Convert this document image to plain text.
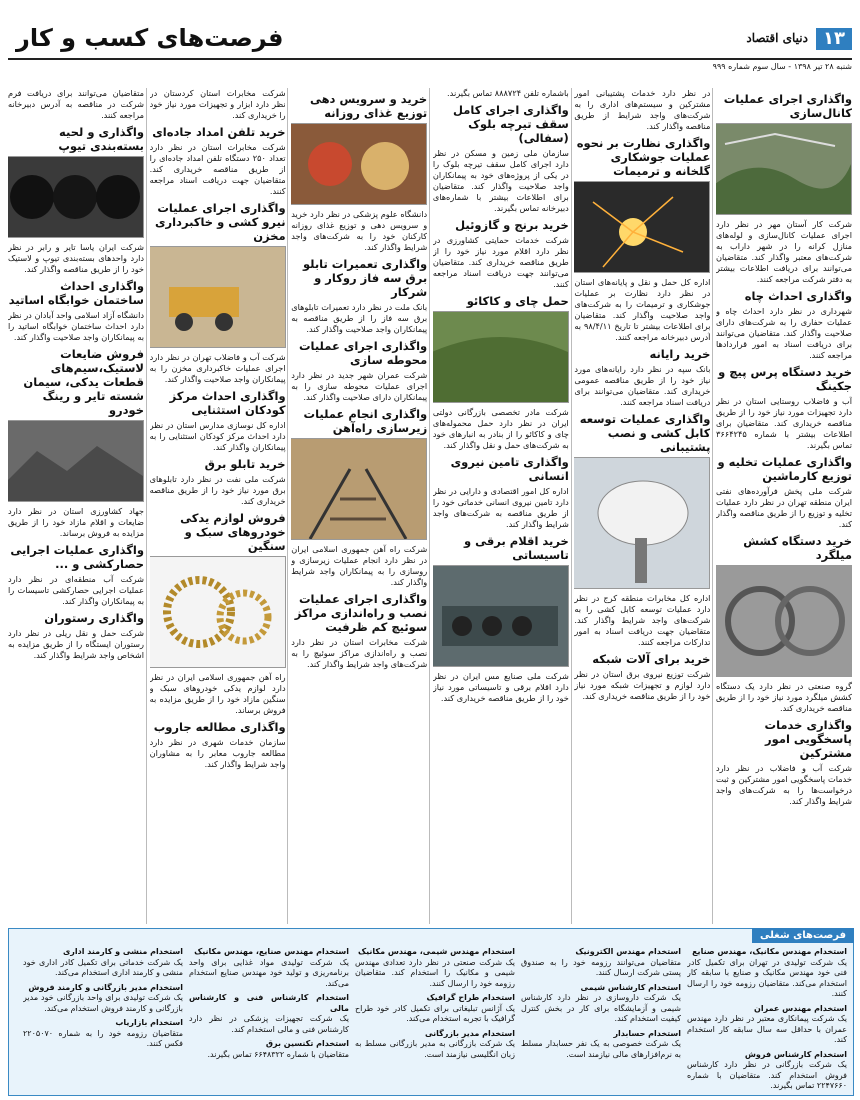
۱۳
دنیای اقتصاد
فرصت‌های کسب و کار
شنبه ۲۸ تیر ۱۳۹۸ - سال سوم شماره ۹۹۹
واگذاری اجرای عملیات کانال‌سازی
شرکت کار آستان مهر در نظر دارد اجرای عملیات کانال‌سازی و لوله‌های منازل کرانه را در شهر داراب به شرکت‌های معتبر واگذار کند. متقاضیان می‌توانند برای دریافت اطلاعات بیشتر به دفتر شرکت مراجعه کنند.
واگذاری احداث چاه
شهرداری در نظر دارد احداث چاه و عملیات حفاری را به شرکت‌های دارای صلاحیت واگذار کند. متقاضیان می‌توانند برای دریافت اسناد به امور قراردادها مراجعه کنند.
خرید دستگاه پرس پیچ و جکینگ
آب و فاضلاب روستایی استان در نظر دارد تجهیزات مورد نیاز خود را از طریق مناقصه خریداری کند. متقاضیان برای اطلاعات بیشتر با شماره ۳۶۶۴۲۴۵ تماس بگیرند.
واگذاری عملیات تخلیه و توزیع کارماشین
شرکت ملی پخش فرآورده‌های نفتی ایران منطقه تهران در نظر دارد عملیات تخلیه و توزیع را از طریق مناقصه واگذار کند.
خرید دستگاه کشش میلگرد
گروه صنعتی در نظر دارد یک دستگاه کشش میلگرد مورد نیاز خود را از طریق مناقصه خریداری کند.
واگذاری خدمات پاسخگویی امور مشترکین
شرکت آب و فاضلاب در نظر دارد خدمات پاسخگویی امور مشترکین و ثبت درخواست‌ها را به شرکت‌های واجد شرایط واگذار کند.
در نظر دارد خدمات پشتیبانی امور مشترکین و سیستم‌های اداری را به شرکت‌های واجد شرایط از طریق مناقصه واگذار کند.
واگذاری نظارت بر نحوه عملیات جوشکاری گلخانه و ترمیمات
اداره کل حمل و نقل و پایانه‌های استان در نظر دارد نظارت بر عملیات جوشکاری و ترمیمات را به شرکت‌های واجد صلاحیت واگذار کند. متقاضیان برای اطلاعات بیشتر تا تاریخ ۹۸/۴/۱۱ به آدرس دبیرخانه مراجعه کنند.
خرید رایانه
بانک سپه در نظر دارد رایانه‌های مورد نیاز خود را از طریق مناقصه عمومی خریداری کند. متقاضیان می‌توانند برای دریافت اسناد مراجعه کنند.
واگذاری عملیات توسعه کابل کشی و نصب پشتیبانی
اداره کل مخابرات منطقه کرج در نظر دارد عملیات توسعه کابل کشی را به شرکت‌های واجد شرایط واگذار کند. متقاضیان جهت دریافت اسناد به امور تدارکات مراجعه کنند.
خرید برای آلات شبکه
شرکت توزیع نیروی برق استان در نظر دارد لوازم و تجهیزات شبکه مورد نیاز خود را از طریق مناقصه خریداری کند.
باشماره تلفن ۸۸۸۷۲۴ تماس بگیرند.
واگذاری اجرای کامل سقف تیرچه بلوک (سفالی)
سازمان ملی زمین و مسکن در نظر دارد اجرای کامل سقف تیرچه بلوک را در یکی از پروژه‌های خود به پیمانکاران واجد صلاحیت واگذار کند. متقاضیان برای اطلاعات بیشتر با شماره‌های دبیرخانه تماس بگیرند.
خرید برنج و گازوئیل
شرکت خدمات حمایتی کشاورزی در نظر دارد اقلام مورد نیاز خود را از طریق مناقصه خریداری کند. متقاضیان می‌توانند جهت دریافت اسناد مراجعه کنند.
حمل چای و کاکائو
شرکت مادر تخصصی بازرگانی دولتی ایران در نظر دارد حمل محموله‌های چای و کاکائو را از بنادر به انبارهای خود به شرکت‌های حمل و نقل واگذار کند.
واگذاری تامین نیروی انسانی
اداره کل امور اقتصادی و دارایی در نظر دارد تامین نیروی انسانی خدماتی خود را از طریق مناقصه به شرکت‌های واجد شرایط واگذار کند.
خرید اقلام برقی و تاسیساتی
شرکت ملی صنایع مس ایران در نظر دارد اقلام برقی و تاسیساتی مورد نیاز خود را از طریق مناقصه خریداری کند.
خرید و سرویس دهی توزیع غذای روزانه
دانشگاه علوم پزشکی در نظر دارد خرید و سرویس دهی و توزیع غذای روزانه کارکنان خود را به شرکت‌های واجد شرایط واگذار کند.
واگذاری تعمیرات تابلو برق سه فاز روکار و شرکار
بانک ملت در نظر دارد تعمیرات تابلوهای برق سه فاز را از طریق مناقصه به پیمانکاران واجد صلاحیت واگذار کند.
واگذاری اجرای عملیات محوطه سازی
شرکت عمران شهر جدید در نظر دارد اجرای عملیات محوطه سازی را به پیمانکاران دارای صلاحیت واگذار کند.
واگذاری انجام عملیات زیرسازی راه‌آهن
شرکت راه آهن جمهوری اسلامی ایران در نظر دارد انجام عملیات زیرسازی و روسازی را به پیمانکاران واجد شرایط واگذار کند.
واگذاری اجرای عملیات نصب و راه‌اندازی مراکز سوئیچ کم ظرفیت
شرکت مخابرات استان در نظر دارد نصب و راه‌اندازی مراکز سوئیچ را به شرکت‌های واجد شرایط واگذار کند.
شرکت مخابرات استان کردستان در نظر دارد ابزار و تجهیزات مورد نیاز خود را خریداری کند.
خرید تلفن امداد جاده‌ای
شرکت مخابرات استان در نظر دارد تعداد ۲۵۰ دستگاه تلفن امداد جاده‌ای را از طریق مناقصه خریداری کند. متقاضیان جهت دریافت اسناد مراجعه کنند.
واگذاری اجرای عملیات نیرو کشی و خاکبرداری مخزن
شرکت آب و فاضلاب تهران در نظر دارد اجرای عملیات خاکبرداری مخزن را به پیمانکاران واجد صلاحیت واگذار کند.
واگذاری احداث مرکز کودکان استثنایی
اداره کل نوسازی مدارس استان در نظر دارد احداث مرکز کودکان استثنایی را به پیمانکاران واگذار کند.
خرید تابلو برق
شرکت ملی نفت در نظر دارد تابلوهای برق مورد نیاز خود را از طریق مناقصه خریداری کند.
فروش لوازم یدکی خودروهای سبک و سنگین
راه آهن جمهوری اسلامی ایران در نظر دارد لوازم یدکی خودروهای سبک و سنگین مازاد خود را از طریق مزایده به فروش برساند.
واگذاری مطالعه جاروب
سازمان خدمات شهری در نظر دارد مطالعه جاروب معابر را به مشاوران واجد شرایط واگذار کند.
متقاضیان می‌توانند برای دریافت فرم شرکت در مناقصه به آدرس دبیرخانه مراجعه کنند.
واگذاری و لحیه بسته‌بندی تیوپ
شرکت ایران یاسا تایر و رابر در نظر دارد واحدهای بسته‌بندی تیوپ و لاستیک خود را از طریق مناقصه واگذار کند.
واگذاری احداث ساختمان خوابگاه اساتید
دانشگاه آزاد اسلامی واحد آبادان در نظر دارد احداث ساختمان خوابگاه اساتید را به پیمانکاران واجد صلاحیت واگذار کند.
فروش ضایعات لاستیک،سیم‌های قطعات یدکی، سیمان شسته تایر و رینگ خودرو
جهاد کشاورزی استان در نظر دارد ضایعات و اقلام مازاد خود را از طریق مزایده به فروش برساند.
واگذاری عملیات اجرایی حصارکشی و ...
شرکت آب منطقه‌ای در نظر دارد عملیات اجرایی حصارکشی تاسیسات را به پیمانکاران واگذار کند.
واگذاری رستوران
شرکت حمل و نقل ریلی در نظر دارد رستوران ایستگاه را از طریق مزایده به اشخاص واجد شرایط واگذار کند.
فرصت‌های شغلی
استخدام مهندس مکانیک، مهندس صنایع
یک شرکت تولیدی در تهران برای تکمیل کادر فنی خود مهندس مکانیک و صنایع با سابقه کار استخدام می‌کند. متقاضیان رزومه خود را ارسال کنند.
استخدام مهندس عمران
یک شرکت پیمانکاری معتبر در نظر دارد مهندس عمران با حداقل سه سال سابقه کار استخدام کند.
استخدام کارشناس فروش
یک شرکت بازرگانی در نظر دارد کارشناس فروش استخدام کند. متقاضیان با شماره ۲۲۴۷۶۶۰ تماس بگیرند.
استخدام مهندس الکترونیک
متقاضیان می‌توانند رزومه خود را به صندوق پستی شرکت ارسال کنند.
استخدام کارشناس شیمی
یک شرکت داروسازی در نظر دارد کارشناس شیمی و آزمایشگاه برای کار در بخش کنترل کیفیت استخدام کند.
استخدام حسابدار
یک شرکت خصوصی به یک نفر حسابدار مسلط به نرم‌افزارهای مالی نیازمند است.
استخدام مهندس شیمی، مهندس مکانیک
یک شرکت صنعتی در نظر دارد تعدادی مهندس شیمی و مکانیک را استخدام کند. متقاضیان رزومه خود را ارسال کنند.
استخدام طراح گرافیک
یک آژانس تبلیغاتی برای تکمیل کادر خود طراح گرافیک با تجربه استخدام می‌کند.
استخدام مدیر بازرگانی
یک شرکت بازرگانی به مدیر بازرگانی مسلط به زبان انگلیسی نیازمند است.
استخدام مهندس صنایع، مهندس مکانیک
یک شرکت تولیدی مواد غذایی برای واحد برنامه‌ریزی و تولید خود مهندس صنایع استخدام می‌کند.
استخدام کارشناس فنی و کارشناس مالی
یک شرکت تجهیزات پزشکی در نظر دارد کارشناس فنی و مالی استخدام کند.
استخدام تکنسین برق
متقاضیان با شماره ۶۶۴۸۳۲۲ تماس بگیرند.
استخدام منشی و کارمند اداری
یک شرکت خدماتی برای تکمیل کادر اداری خود منشی و کارمند اداری استخدام می‌کند.
استخدام مدیر بازرگانی و کارمند فروش
یک شرکت تولیدی برای واحد بازرگانی خود مدیر بازرگانی و کارمند فروش استخدام می‌کند.
استخدام بازاریاب
متقاضیان رزومه خود را به شماره ۲۲۰۵۰۷۰ فکس کنند.
